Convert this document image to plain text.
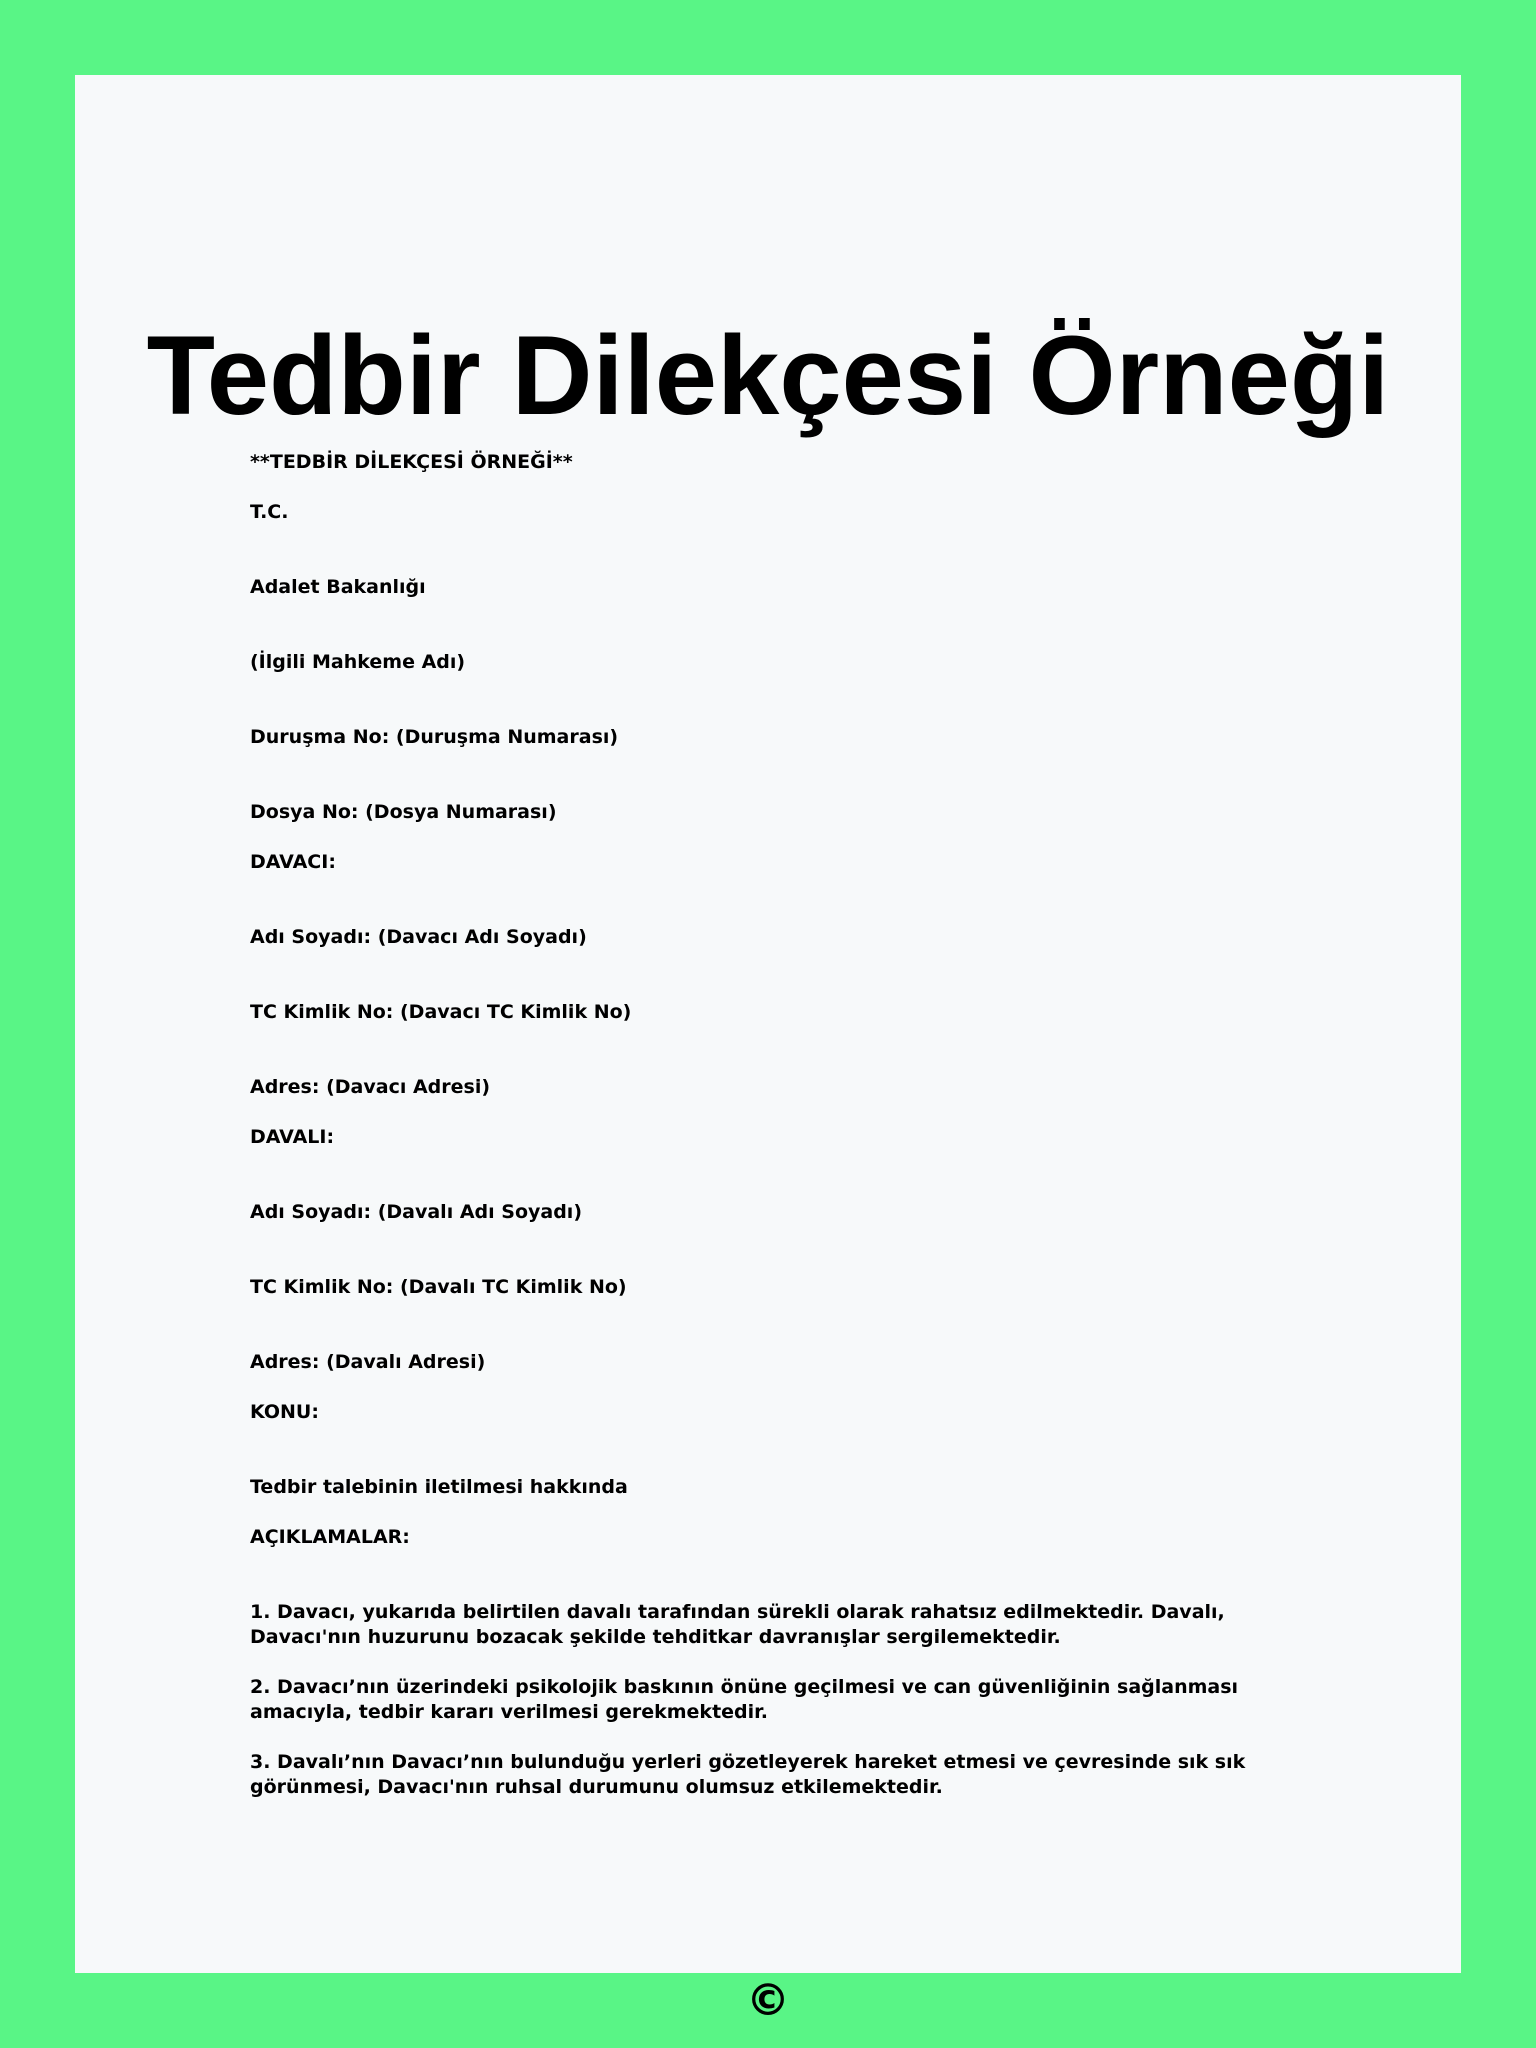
Tedbir Dilekçesi Örneği

**TEDBİR DİLEKÇESİ ÖRNEĞİ**

T.C.

Adalet Bakanlığı

(İlgili Mahkeme Adı)

Duruşma No: (Duruşma Numarası)

Dosya No: (Dosya Numarası)

DAVACI:

Adı Soyadı: (Davacı Adı Soyadı)

TC Kimlik No: (Davacı TC Kimlik No)

Adres: (Davacı Adresi)

DAVALI:

Adı Soyadı: (Davalı Adı Soyadı)

TC Kimlik No: (Davalı TC Kimlik No)

Adres: (Davalı Adresi)

KONU:

Tedbir talebinin iletilmesi hakkında

AÇIKLAMALAR:

1. Davacı, yukarıda belirtilen davalı tarafından sürekli olarak rahatsız edilmektedir. Davalı, Davacı'nın huzurunu bozacak şekilde tehditkar davranışlar sergilemektedir.

2. Davacı’nın üzerindeki psikolojik baskının önüne geçilmesi ve can güvenliğinin sağlanması amacıyla, tedbir kararı verilmesi gerekmektedir.

3. Davalı’nın Davacı’nın bulunduğu yerleri gözetleyerek hareket etmesi ve çevresinde sık sık görünmesi, Davacı'nın ruhsal durumunu olumsuz etkilemektedir.

©
